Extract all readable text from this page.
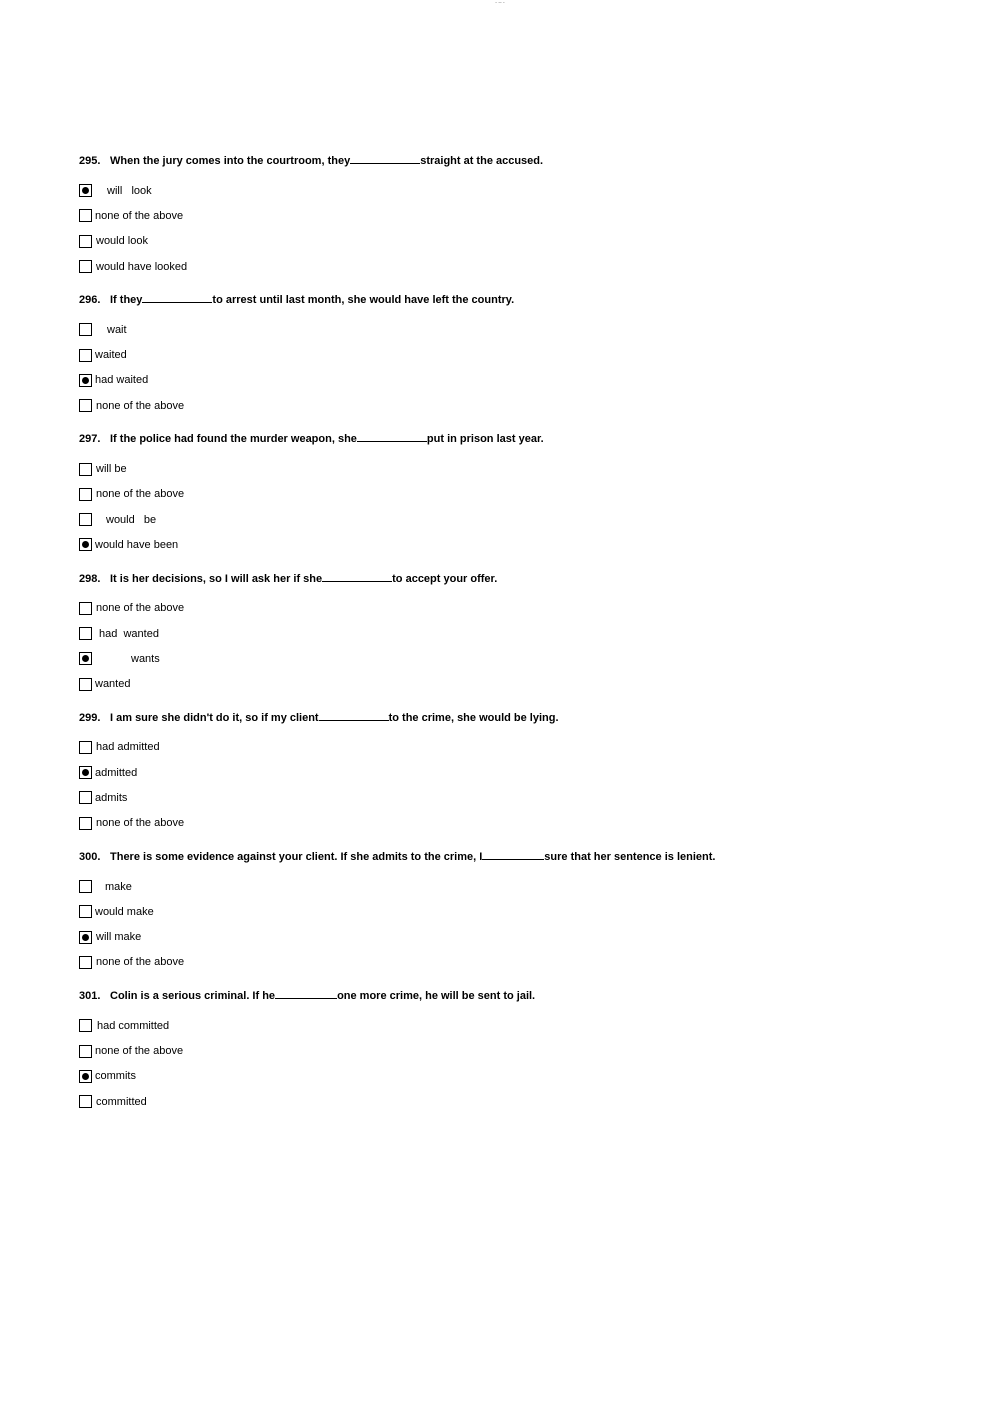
- -- -
295. When the jury comes into the courtroom, they	straight at the accused.
will   look
none of the above
would look
would have looked
296. If they	to arrest until last month, she would have left the country.
wait
waited
had waited
none of the above
297. If the police had found the murder weapon, she	put in prison last year.
will be
none of the above
would   be
would have been
298. It is her decisions, so I will ask her if she	to accept your offer.
none of the above
had  wanted
wants
wanted
299. I am sure she didn't do it, so if my client	to the crime, she would be lying.
had admitted
admitted
admits
none of the above
300. There is some evidence against your client. If she admits to the crime, I	sure that her sentence is lenient.
make
would make
will make
none of the above
301. Colin is a serious criminal. If he	one more crime, he will be sent to jail.
had committed
none of the above
commits
committed
